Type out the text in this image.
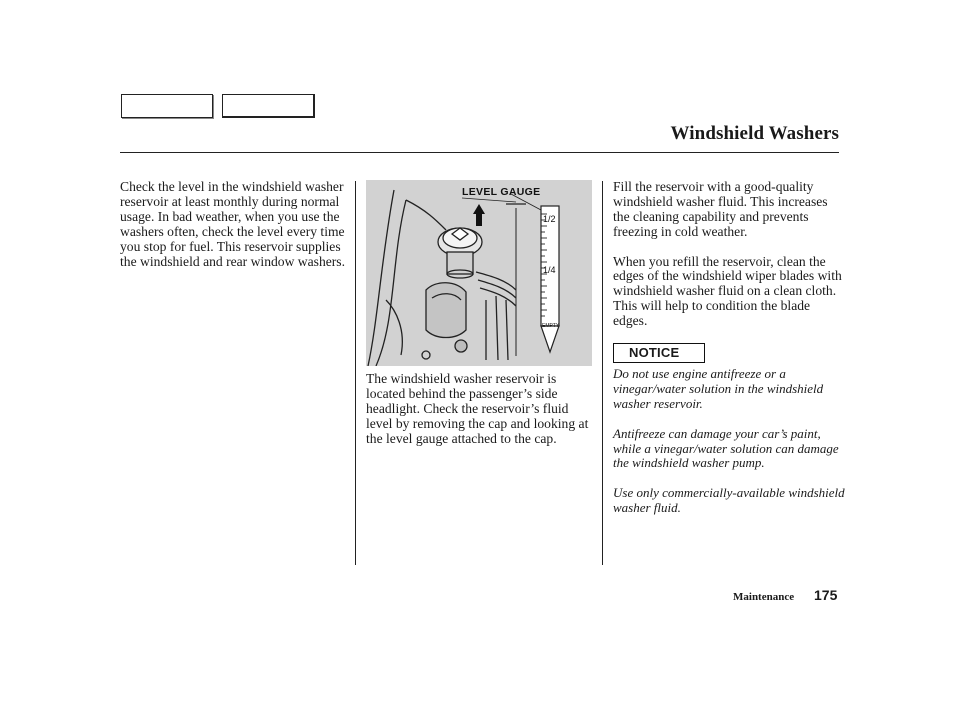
Windshield Washers

Check the level in the windshield washer reservoir at least monthly during normal usage. In bad weather, when you use the washers often, check the level every time you stop for fuel. This reservoir supplies the windshield and rear window washers.

1/2
1/4
EMPTY
LEVEL GAUGE

The windshield washer reservoir is located behind the passenger’s side headlight. Check the reservoir’s fluid level by removing the cap and looking at the level gauge attached to the cap.

Fill the reservoir with a good-quality windshield washer fluid. This increases the cleaning capability and prevents freezing in cold weather.

When you refill the reservoir, clean the edges of the windshield wiper blades with windshield washer fluid on a clean cloth. This will help to condition the blade edges.

NOTICE

Do not use engine antifreeze or a vinegar/water solution in the windshield washer reservoir.

Antifreeze can damage your car’s paint, while a vinegar/water solution can damage the windshield washer pump.

Use only commercially-available windshield washer fluid.

Maintenance 175
